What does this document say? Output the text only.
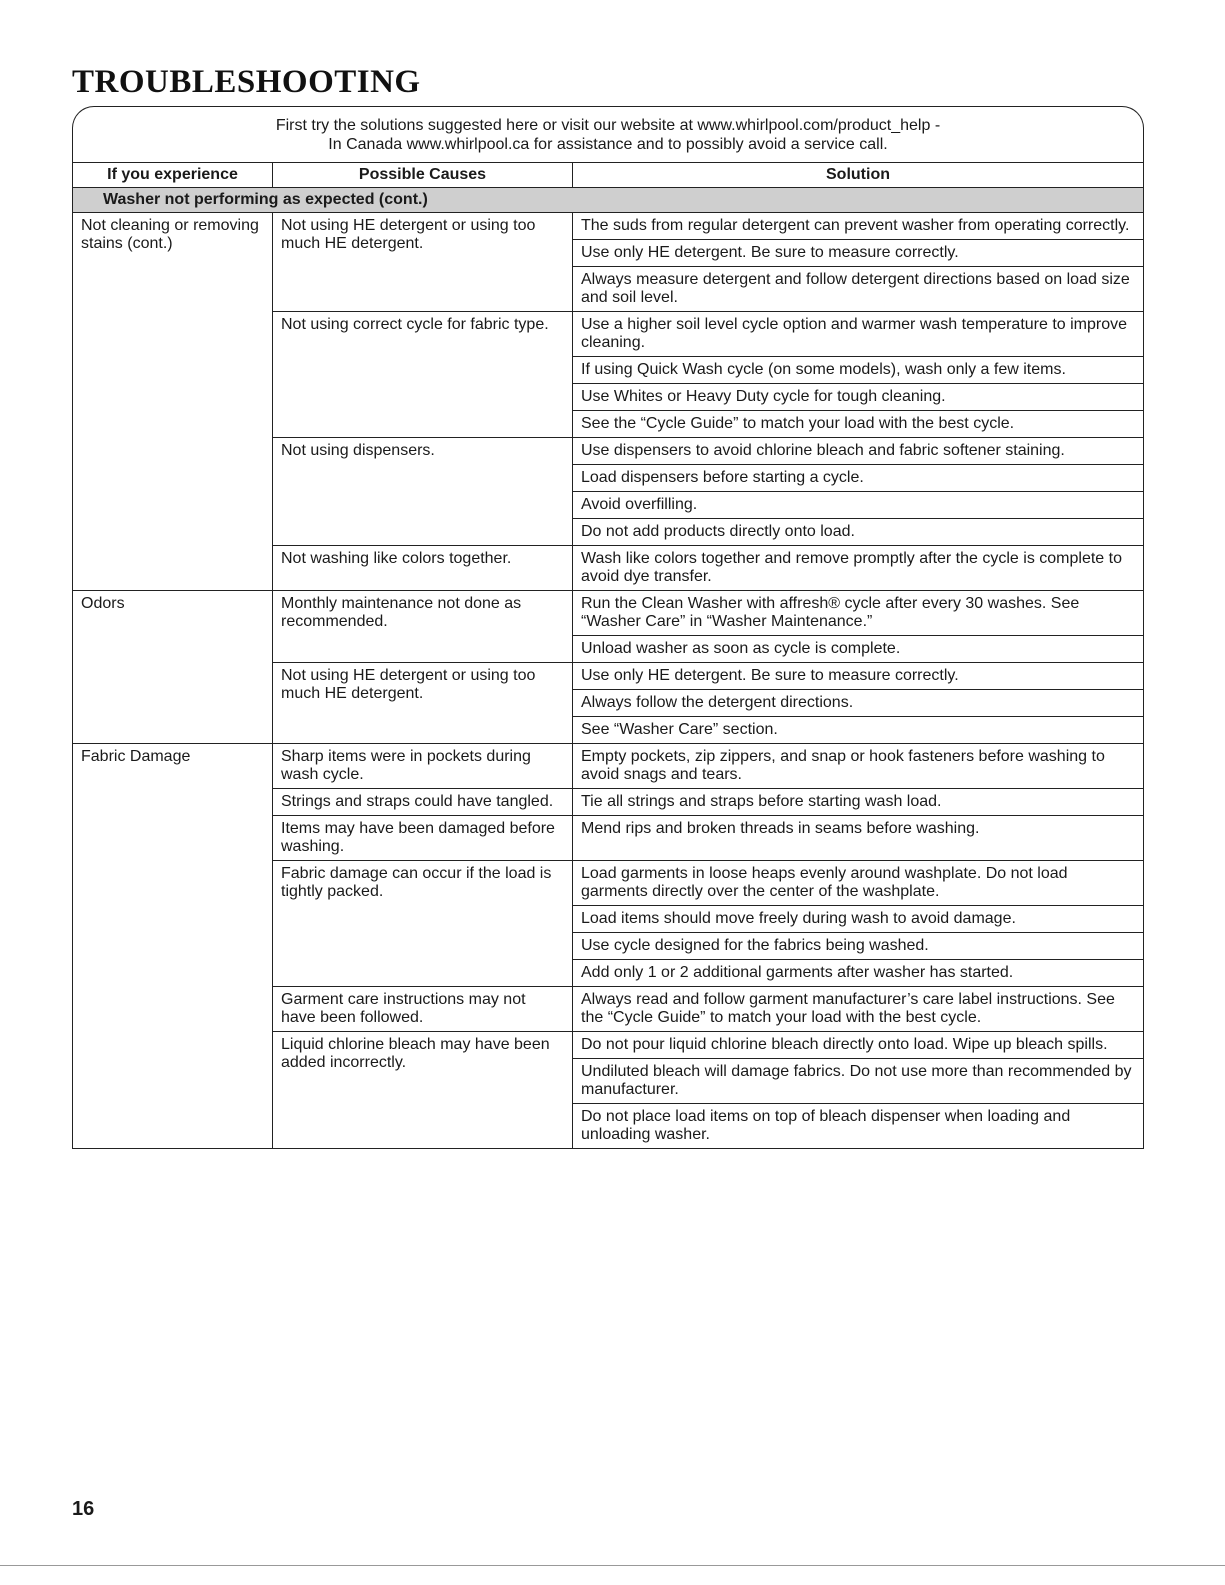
TROUBLESHOOTING
First try the solutions suggested here or visit our website at www.whirlpool.com/product_help -
In Canada www.whirlpool.ca for assistance and to possibly avoid a service call.
If you experience	Possible Causes	Solution
Washer not performing as expected (cont.)		
Not cleaning or removing stains (cont.)	Not using HE detergent or using too much HE detergent.	The suds from regular detergent can prevent washer from operating correctly.
		Use only HE detergent. Be sure to measure correctly.
		Always measure detergent and follow detergent directions based on load size and soil level.
	Not using correct cycle for fabric type.	Use a higher soil level cycle option and warmer wash temperature to improve cleaning.
		If using Quick Wash cycle (on some models), wash only a few items.
		Use Whites or Heavy Duty cycle for tough cleaning.
		See the “Cycle Guide” to match your load with the best cycle.
	Not using dispensers.	Use dispensers to avoid chlorine bleach and fabric softener staining.
		Load dispensers before starting a cycle.
		Avoid overfilling.
		Do not add products directly onto load.
	Not washing like colors together.	Wash like colors together and remove promptly after the cycle is complete to avoid dye transfer.
Odors	Monthly maintenance not done as recommended.	Run the Clean Washer with affresh® cycle after every 30 washes. See “Washer Care” in “Washer Maintenance.”
		Unload washer as soon as cycle is complete.
	Not using HE detergent or using too much HE detergent.	Use only HE detergent. Be sure to measure correctly.
		Always follow the detergent directions.
		See “Washer Care” section.
Fabric Damage	Sharp items were in pockets during wash cycle.	Empty pockets, zip zippers, and snap or hook fasteners before washing to avoid snags and tears.
	Strings and straps could have tangled.	Tie all strings and straps before starting wash load.
	Items may have been damaged before washing.	Mend rips and broken threads in seams before washing.
	Fabric damage can occur if the load is tightly packed.	Load garments in loose heaps evenly around washplate. Do not load garments directly over the center of the washplate.
		Load items should move freely during wash to avoid damage.
		Use cycle designed for the fabrics being washed.
		Add only 1 or 2 additional garments after washer has started.
	Garment care instructions may not have been followed.	Always read and follow garment manufacturer’s care label instructions. See the “Cycle Guide” to match your load with the best cycle.
	Liquid chlorine bleach may have been added incorrectly.	Do not pour liquid chlorine bleach directly onto load. Wipe up bleach spills.
		Undiluted bleach will damage fabrics. Do not use more than recommended by manufacturer.
		Do not place load items on top of bleach dispenser when loading and unloading washer.
16
